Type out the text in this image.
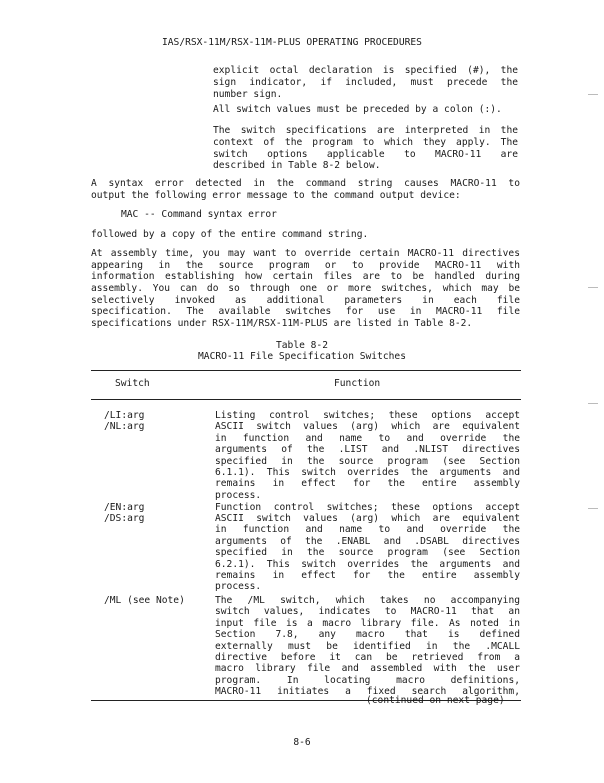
IAS/RSX-11M/RSX-11M-PLUS OPERATING PROCEDURES
explicit octal declaration is specified (#), the
sign indicator, if included, must precede the
number sign.
All switch values must be preceded by a colon (:).
The switch specifications are interpreted in the
context of the program to which they apply. The
switch options applicable to MACRO-11 are
described in Table 8-2 below.
A syntax error detected in the command string causes MACRO-11 to
output the following error message to the command output device:
MAC -- Command syntax error
followed by a copy of the entire command string.
At assembly time, you may want to override certain MACRO-11 directives
appearing in the source program or to provide MACRO-11 with
information establishing how certain files are to be handled during
assembly. You can do so through one or more switches, which may be
selectively invoked as additional parameters in each file
specification. The available switches for use in MACRO-11 file
specifications under RSX-11M/RSX-11M-PLUS are listed in Table 8-2.
Table 8-2
MACRO-11 File Specification Switches
Switch	Function
/LI:arg
/NL:arg
Listing control switches; these options accept
ASCII switch values (arg) which are equivalent
in function and name to and override the
arguments of the .LIST and .NLIST directives
specified in the source program (see Section
6.1.1). This switch overrides the arguments and
remains in effect for the entire assembly
process.
/EN:arg
/DS:arg
Function control switches; these options accept
ASCII switch values (arg) which are equivalent
in function and name to and override the
arguments of the .ENABL and .DSABL directives
specified in the source program (see Section
6.2.1). This switch overrides the arguments and
remains in effect for the entire assembly
process.
/ML (see Note)	The /ML switch, which takes no accompanying
switch values, indicates to MACRO-11 that an
input file is a macro library file. As noted in
Section 7.8, any macro that is defined
externally must be identified in the .MCALL
directive before it can be retrieved from a
macro library file and assembled with the user
program. In locating macro definitions,
MACRO-11 initiates a fixed search algorithm,
(continued on next page)
8-6
